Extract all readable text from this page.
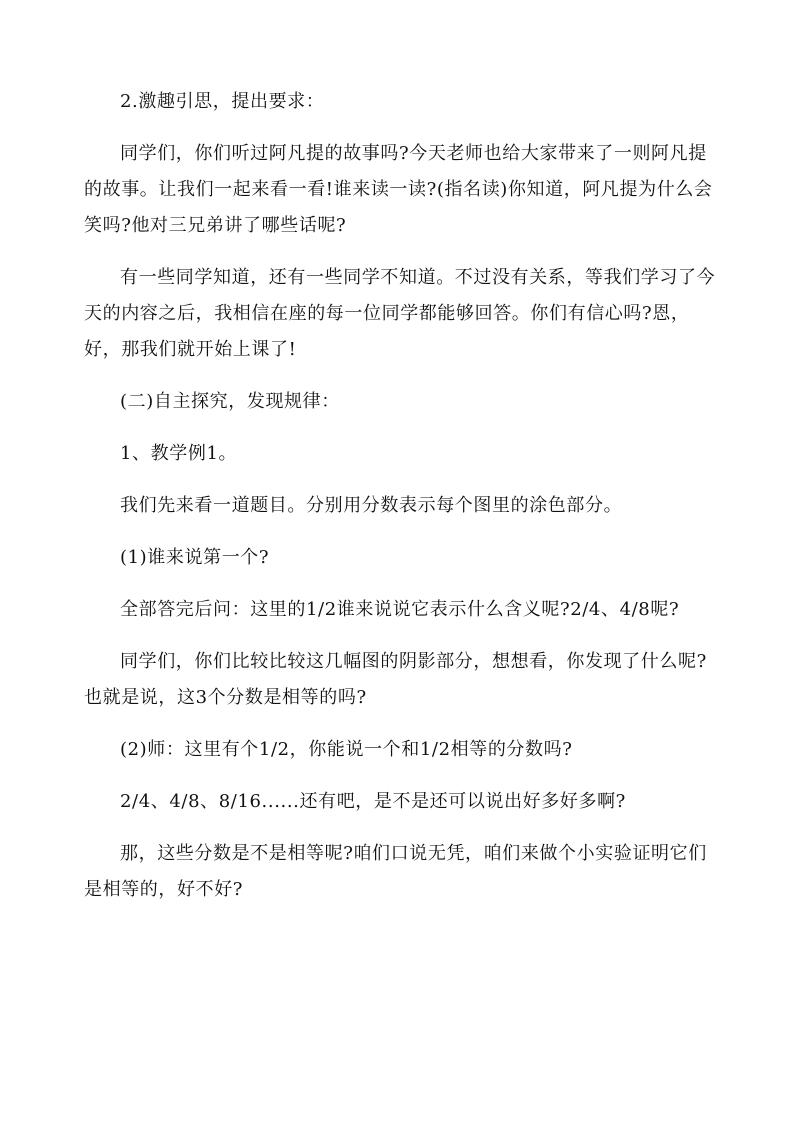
2.激趣引思，提出要求：

同学们，你们听过阿凡提的故事吗?今天老师也给大家带来了一则阿凡提的故事。让我们一起来看一看!谁来读一读?(指名读)你知道，阿凡提为什么会笑吗?他对三兄弟讲了哪些话呢?

有一些同学知道，还有一些同学不知道。不过没有关系，等我们学习了今天的内容之后，我相信在座的每一位同学都能够回答。你们有信心吗?恩，好，那我们就开始上课了!

(二)自主探究，发现规律：

1、教学例1。

我们先来看一道题目。分别用分数表示每个图里的涂色部分。

(1)谁来说第一个?

全部答完后问：这里的1/2谁来说说它表示什么含义呢?2/4、4/8呢?

同学们，你们比较比较这几幅图的阴影部分，想想看，你发现了什么呢?也就是说，这3个分数是相等的吗?

(2)师：这里有个1/2，你能说一个和1/2相等的分数吗?

2/4、4/8、8/16......还有吧，是不是还可以说出好多好多啊?

那，这些分数是不是相等呢?咱们口说无凭，咱们来做个小实验证明它们是相等的，好不好?
